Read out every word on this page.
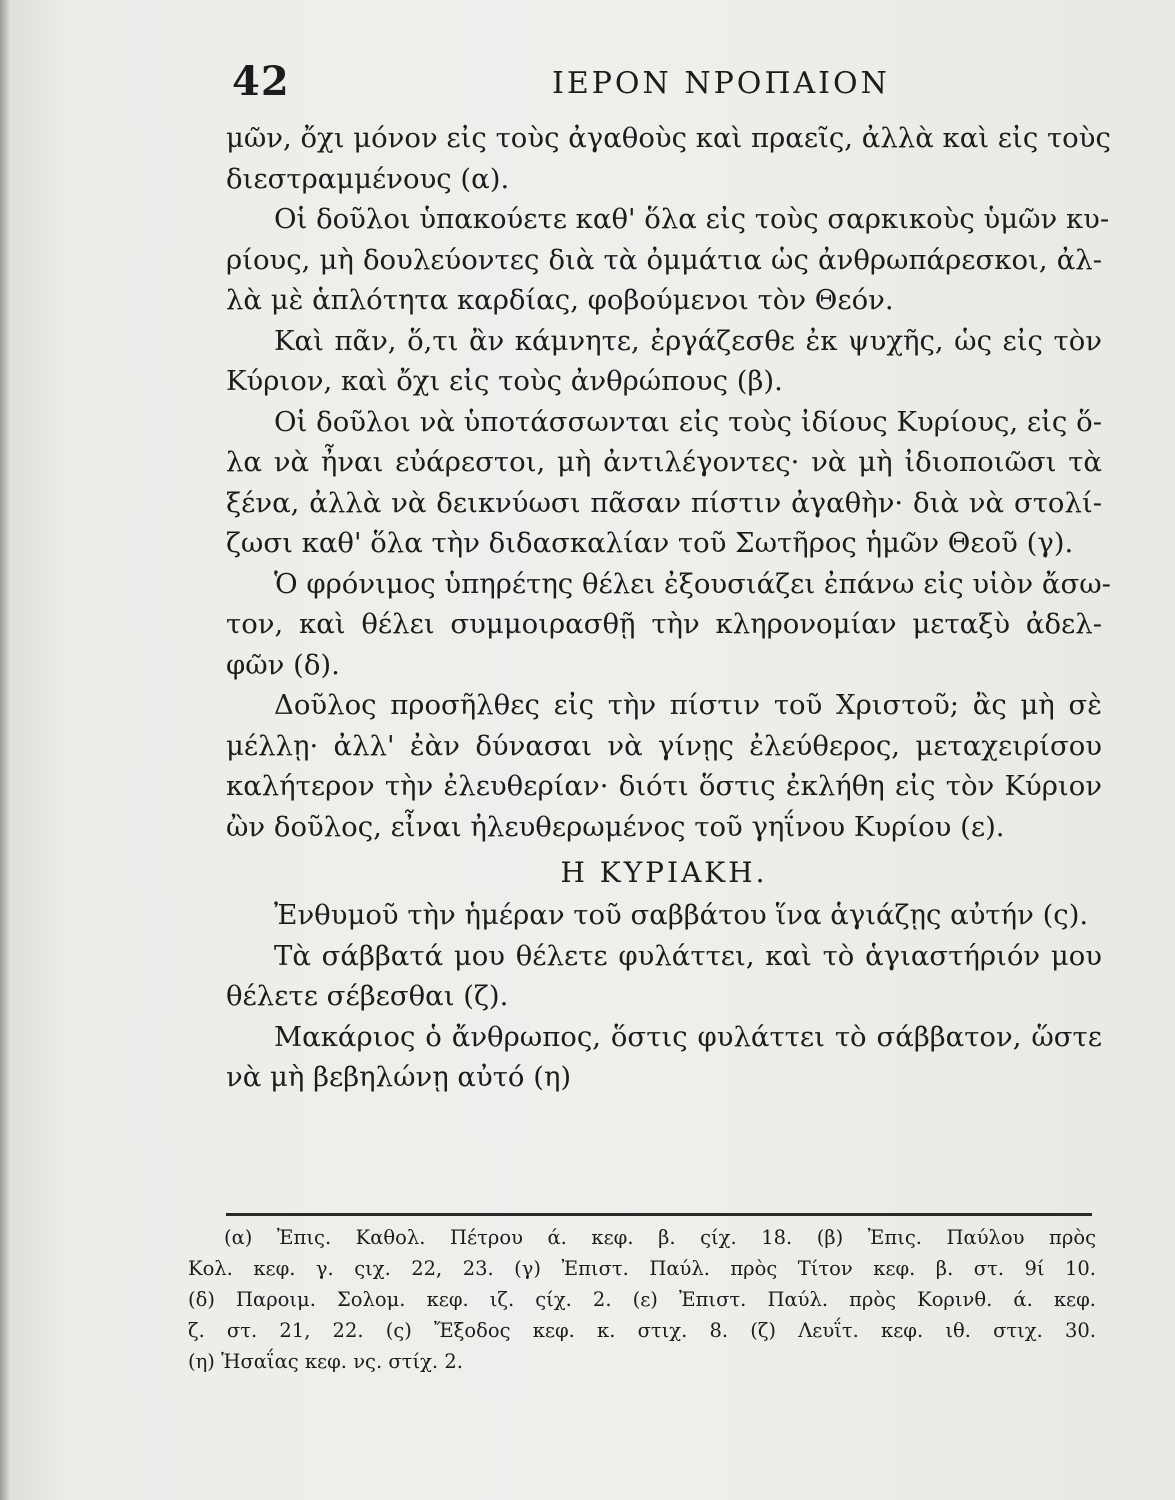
42	ΙΕΡΟΝ ΝΡΟΠΑΙΟΝ
μῶν, ὄχι μόνον εἰς τοὺς ἀγαθοὺς καὶ πραεῖς, ἀλλὰ καὶ εἰς τοὺς
διεστραμμένους (α).
Οἱ δοῦλοι ὑπακούετε καθ' ὅλα εἰς τοὺς σαρκικοὺς ὑμῶν κυ-
ρίους, μὴ δουλεύοντες διὰ τὰ ὀμμάτια ὡς ἀνθρωπάρεσκοι, ἀλ-
λὰ μὲ ἁπλότητα καρδίας, φοβούμενοι τὸν Θεόν.
Καὶ πᾶν, ὅ,τι ἂν κάμνητε, ἐργάζεσθε ἐκ ψυχῆς, ὡς εἰς τὸν
Κύριον, καὶ ὄχι εἰς τοὺς ἀνθρώπους (β).
Οἱ δοῦλοι νὰ ὑποτάσσωνται εἰς τοὺς ἰδίους Κυρίους, εἰς ὅ-
λα νὰ ἦναι εὐάρεστοι, μὴ ἀντιλέγοντες· νὰ μὴ ἰδιοποιῶσι τὰ
ξένα, ἀλλὰ νὰ δεικνύωσι πᾶσαν πίστιν ἀγαθὴν· διὰ νὰ στολί-
ζωσι καθ' ὅλα τὴν διδασκαλίαν τοῦ Σωτῆρος ἡμῶν Θεοῦ (γ).
Ὁ φρόνιμος ὑπηρέτης θέλει ἐξουσιάζει ἐπάνω εἰς υἱὸν ἄσω-
τον, καὶ θέλει συμμοιρασθῇ τὴν κληρονομίαν μεταξὺ ἀδελ-
φῶν (δ).
Δοῦλος προσῆλθες εἰς τὴν πίστιν τοῦ Χριστοῦ; ἂς μὴ σὲ
μέλλῃ· ἀλλ' ἐὰν δύνασαι νὰ γίνῃς ἐλεύθερος, μεταχειρίσου
καλήτερον τὴν ἐλευθερίαν· διότι ὅστις ἐκλήθη εἰς τὸν Κύριον
ὢν δοῦλος, εἶναι ἠλευθερωμένος τοῦ γηΐνου Κυρίου (ε).
Η ΚΥΡΙΑΚΗ.
Ἐνθυμοῦ τὴν ἡμέραν τοῦ σαββάτου ἵνα ἁγιάζῃς αὐτήν (ς).
Τὰ σάββατά μου θέλετε φυλάττει, καὶ τὸ ἁγιαστήριόν μου
θέλετε σέβεσθαι (ζ).
Μακάριος ὁ ἄνθρωπος, ὅστις φυλάττει τὸ σάββατον, ὥστε
νὰ μὴ βεβηλώνῃ αὐτό (η)
(α) Ἐπις. Καθολ. Πέτρου ά. κεφ. β. ςίχ. 18. (β) Ἐπις. Παύλου πρὸς
Κολ. κεφ. γ. ςιχ. 22, 23. (γ) Ἐπιστ. Παύλ. πρὸς Τίτον κεφ. β. στ. 9ί 10.
(δ) Παροιμ. Σολομ. κεφ. ιζ. ςίχ. 2. (ε) Ἐπιστ. Παύλ. πρὸς Κορινθ. ά. κεφ.
ζ. στ. 21, 22. (ς) Ἔξοδος κεφ. κ. στιχ. 8. (ζ) Λευΐτ. κεφ. ιθ. στιχ. 30.
(η) Ἡσαΐας κεφ. νς. στίχ. 2.
